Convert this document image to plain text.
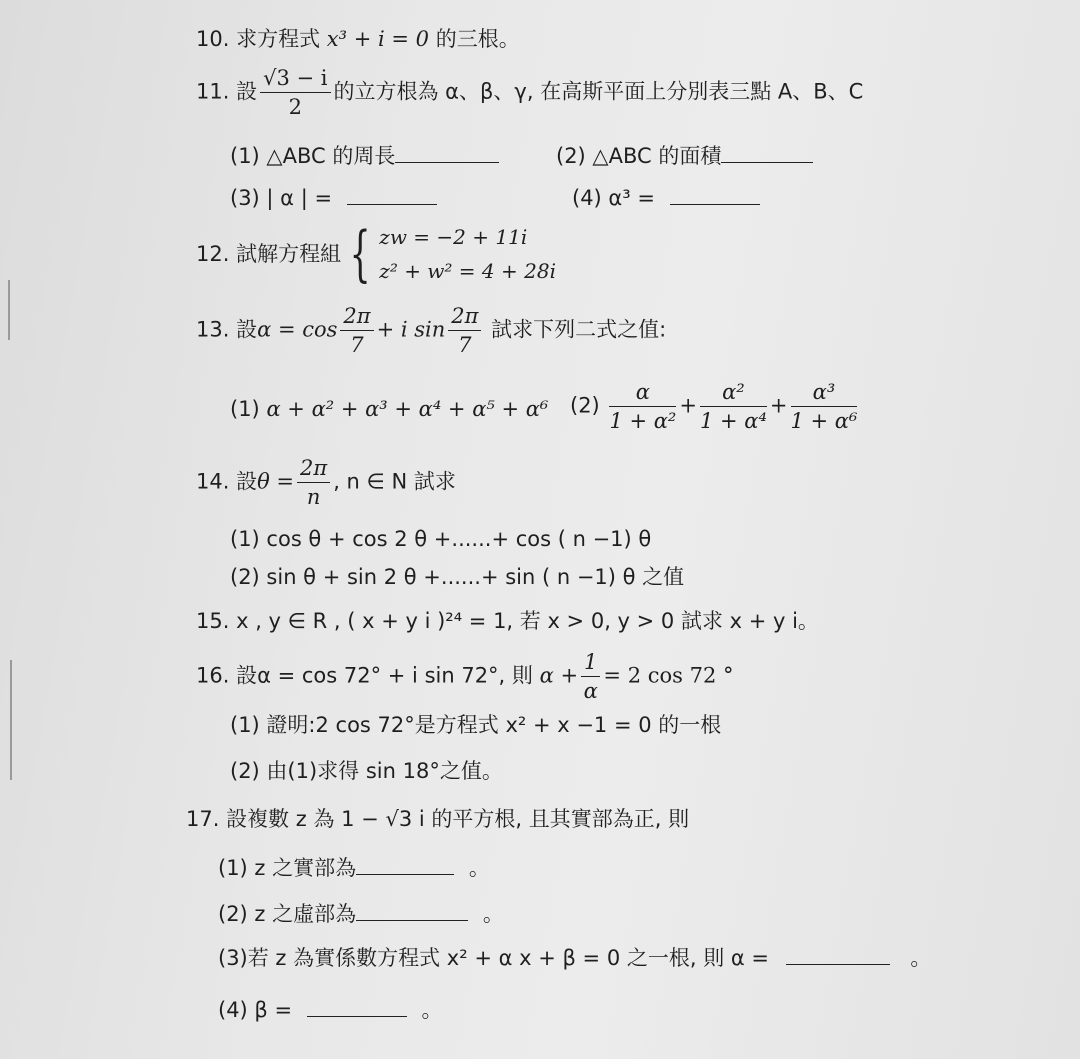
10. 求方程式 x³ + i = 0 的三根。
11. 設 $\frac{√3 - i}{2}$ 的立方根為 α、β、γ, 在高斯平面上分別表三點 A、B、C
(1) △ABC 的周長	(2) △ABC 的面積
(3) | α | =	(4) α³ =
12. 試解方程組 { zw = −2 + 11i
z² + w² = 4 + 28i
13. 設$\alpha = \cos \frac{2\pi}{7} + i$ $\sin \frac{2\pi}{7}$ 試求下列二式之值:
(1) α + α² + α³ + α⁴ + α⁵ + α⁶ $(2) \frac{\alpha}{\text{1 + α²}} + \frac{\text{α²}}{\text{1 + α⁴}} + \frac{\text{α³}}{\text{1 + α⁶}}$
14. 設$\theta = \frac{2\pi}{n}$ , n ∈ N 試求
(1) cos θ + cos 2 θ +......+ cos ( n −1) θ
(2) sin θ + sin 2 θ +......+ sin ( n −1) θ 之值
15. x , y ∈ R , ( x + y i )²⁴ = 1, 若 x > 0, y > 0 試求 x + y i。
16. 設α = cos 72° + i sin 72°, 則 $\alpha + \frac{1}{\alpha} = 2$ cos 72 °
(1) 證明:2 cos 72°是方程式 x² + x −1 = 0 的一根
(2) 由(1)求得 sin 18°之值。
17. 設複數 z 為 1 − √3 i 的平方根, 且其實部為正, 則
(1) z 之實部為	。
(2) z 之虛部為	。
(3)若 z 為實係數方程式 x² + α x + β = 0 之一根, 則 α =	。
(4) β =	。
